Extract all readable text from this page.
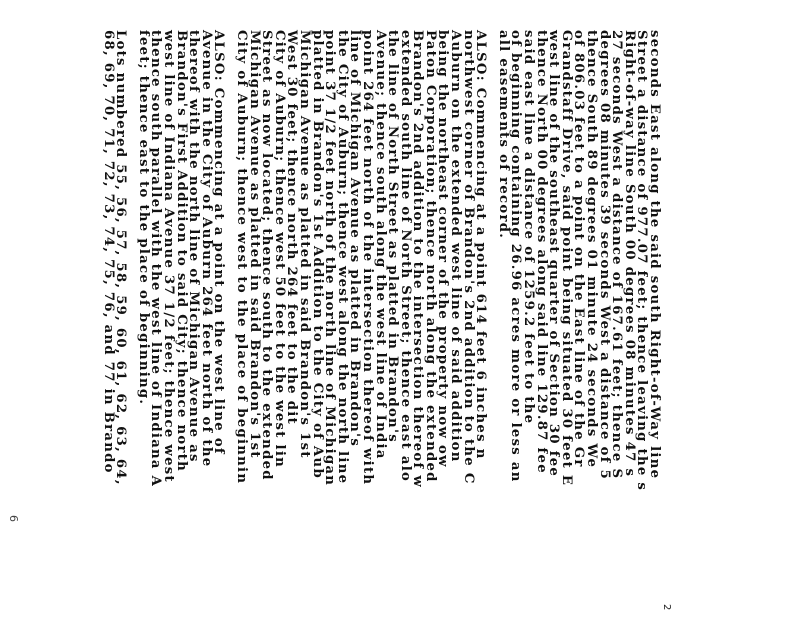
seconds East along the said south Right-of-Way line
Street a distance of 977.07 feet; thence leaving the s
Right-of-way line South 00 degrees 08 minutes 47 s
27 seconds West a distance of 167.61 feet; thence S
degrees 08 minutes 39 seconds West a distance of 5
thence South 89 degrees 01 minute 24 seconds We
of 806.03 feet to a point on the East line of the Gr
Grandstaff Drive, said point being situated 30 feet E
west line of the southeast quarter of Section 30 fee
thence North 00 degrees along said line 129.87 fee
said east line a distance of 1259.2 feet to the
of beginning containing 26.96 acres more or less an
all easements of record.
ALSO: Commencing at a point 614 feet 6 inches n
northwest corner of Brandon's 2nd addition to the C
Auburn on the extended west line of said addition
being the northeast corner of the property now ow
Paton Corporation; thence north along the extended
Brandon's 2nd addition to the intersection thereof w
extended south line of North Street; thence east alo
the line of North Street as platted in Brandon's
Avenue; thence south along the west line of India
point 264 feet north of the intersection thereof with
line of Michigan Avenue as platted in Brandon's
the City of Auburn; thence west along the north line
point 37 1/2 feet north of the north line of Michigan
platted in Brandon's 1st Addition to the City of Aub
Michigan Avenue as platted in said Brandon's 1st
West 30 feet; thence north 264 feet to the dit
City of Auburn; thence west 50 feet to the west lin
Street as now located; thence south to the extended
Michigan Avenue as platted in said Brandon's 1st
City of Auburn; thence west to the place of beginnin
ALSO: Commencing at a point on the west line of
Avenue in the City of Auburn 264 feet north of the
thereof with the north line of Michigan Avenue as
Brandon's First Addition to said City; thence north
west line of Indiana Avenue 37 1/2 feet; thence west
thence south parallel with the west line of Indiana A
feet; thence east to the place of beginning.
Lots numbered 55, 56, 57, 58, 59, 60, 61, 62, 63, 64,
68, 69, 70, 71, 72, 73, 74, 75, 76, and 77 in Brando
6
2
